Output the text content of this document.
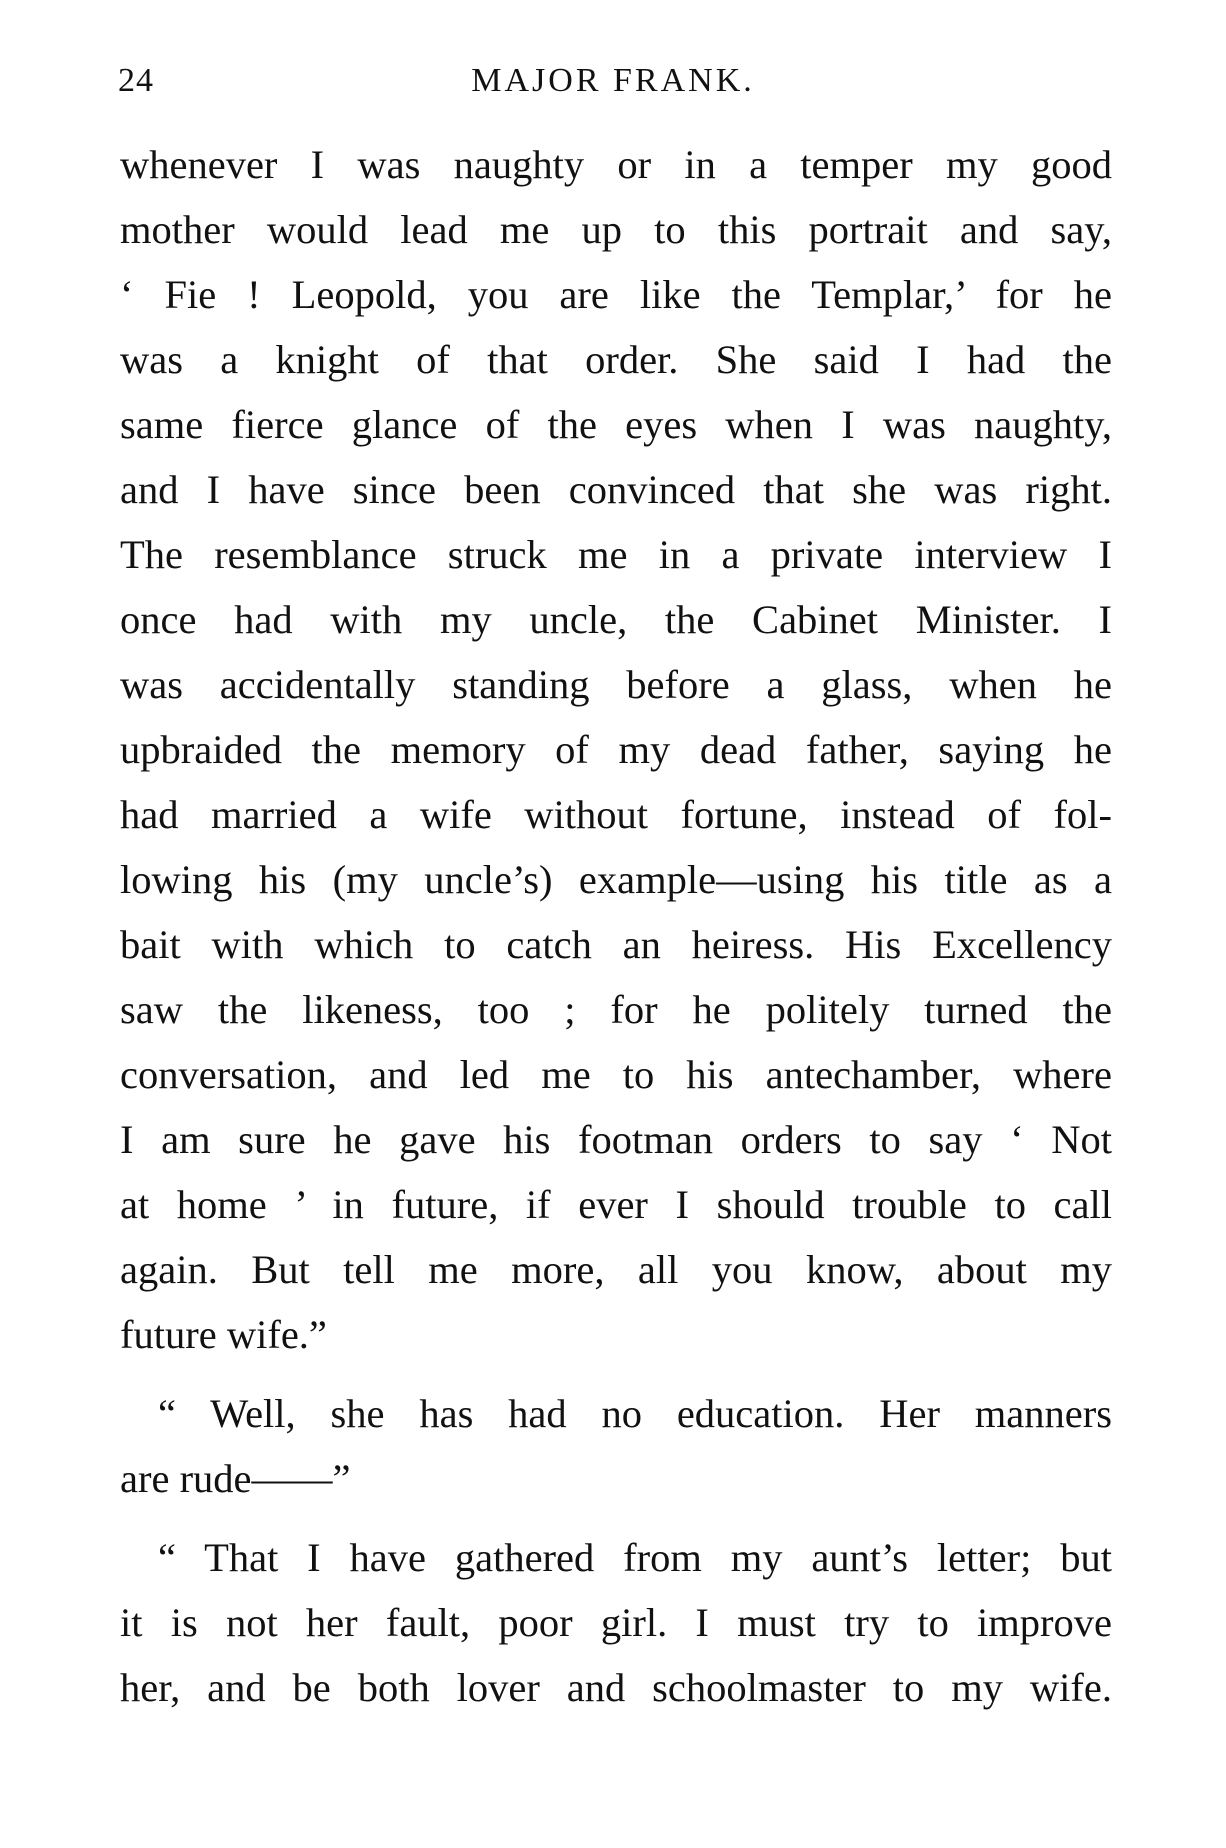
24	MAJOR FRANK.
whenever I was naughty or in a temper my good
mother would lead me up to this portrait and say,
‘ Fie ! Leopold, you are like the Templar,’ for he
was a knight of that order. She said I had the
same fierce glance of the eyes when I was naughty,
and I have since been convinced that she was right.
The resemblance struck me in a private interview I
once had with my uncle, the Cabinet Minister. I
was accidentally standing before a glass, when he
upbraided the memory of my dead father, saying he
had married a wife without fortune, instead of fol-
lowing his (my uncle’s) example—using his title as a
bait with which to catch an heiress. His Excellency
saw the likeness, too ; for he politely turned the
conversation, and led me to his antechamber, where
I am sure he gave his footman orders to say ‘ Not
at home ’ in future, if ever I should trouble to call
again. But tell me more, all you know, about my
future wife.”
“ Well, she has had no education. Her manners
are rude——”
“ That I have gathered from my aunt’s letter; but
it is not her fault, poor girl. I must try to improve
her, and be both lover and schoolmaster to my wife.
